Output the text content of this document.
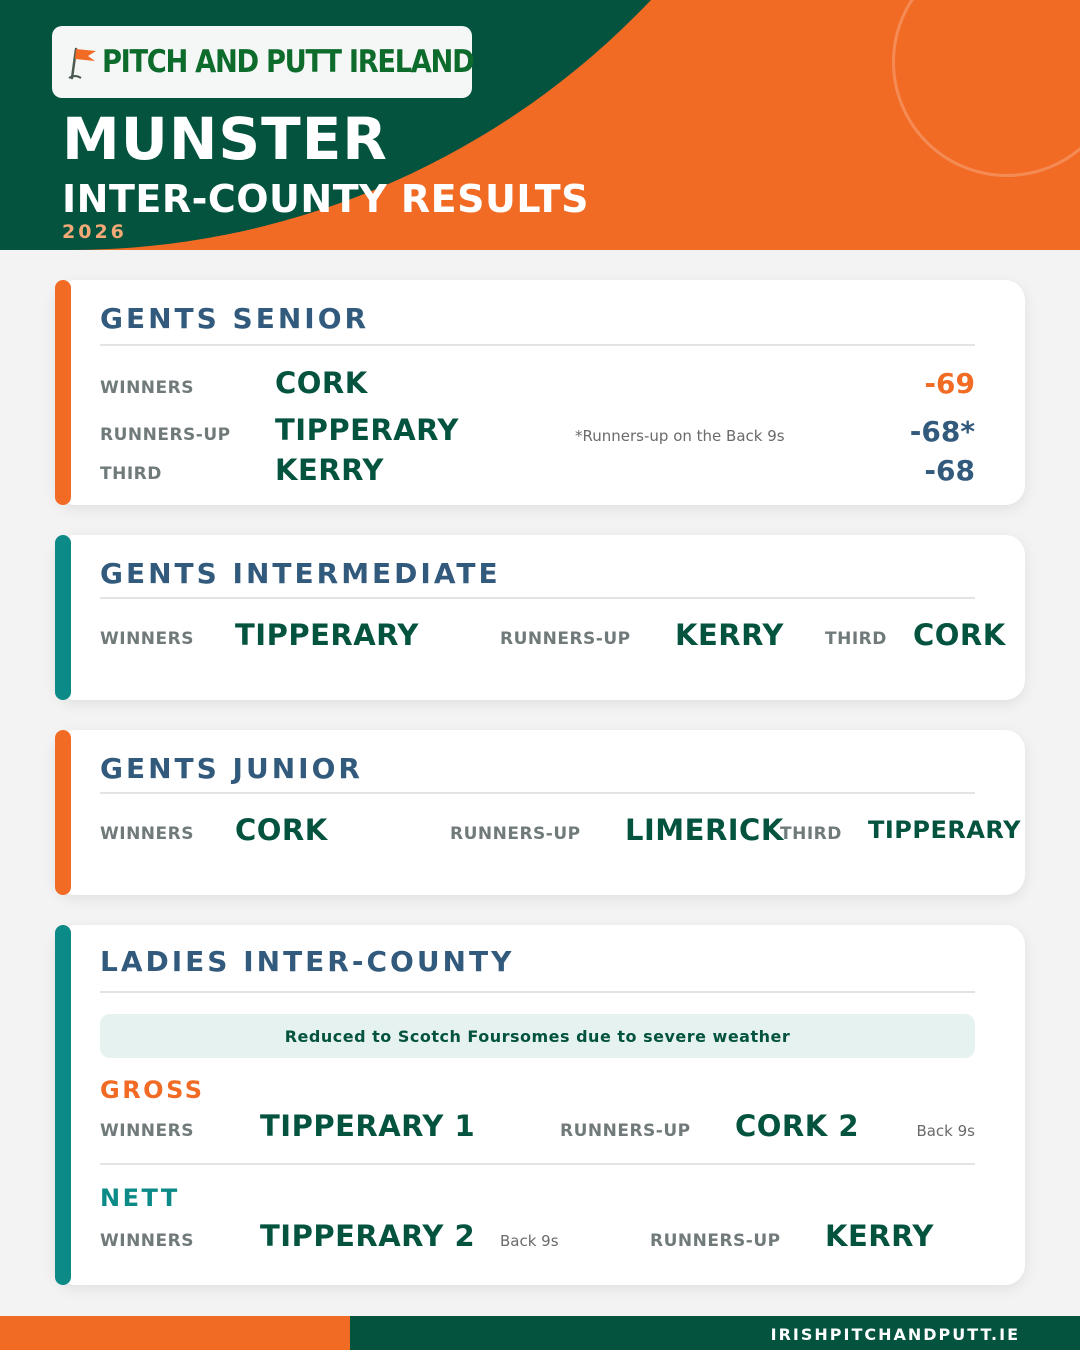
PITCH AND PUTT IRELAND
MUNSTER
INTER-COUNTY RESULTS
2026
GENTS SENIOR
WINNERS	CORK	-69
RUNNERS-UP TIPPERARY	*Runners-up on the Back 9s	-68*
THIRD	KERRY	-68
GENTS INTERMEDIATE
WINNERS TIPPERARY	RUNNERS-UP KERRY THIRD CORK
GENTS JUNIOR
WINNERS CORK	RUNNERS-UP LIMERICK
THIRD TIPPERARY
LADIES INTER-COUNTY
Reduced to Scotch Foursomes due to severe weather
GROSS
WINNERS TIPPERARY 1	RUNNERS-UP CORK 2	Back 9s
NETT
WINNERS TIPPERARY 2 Back 9s	RUNNERS-UP KERRY
IRISHPITCHANDPUTT.IE
